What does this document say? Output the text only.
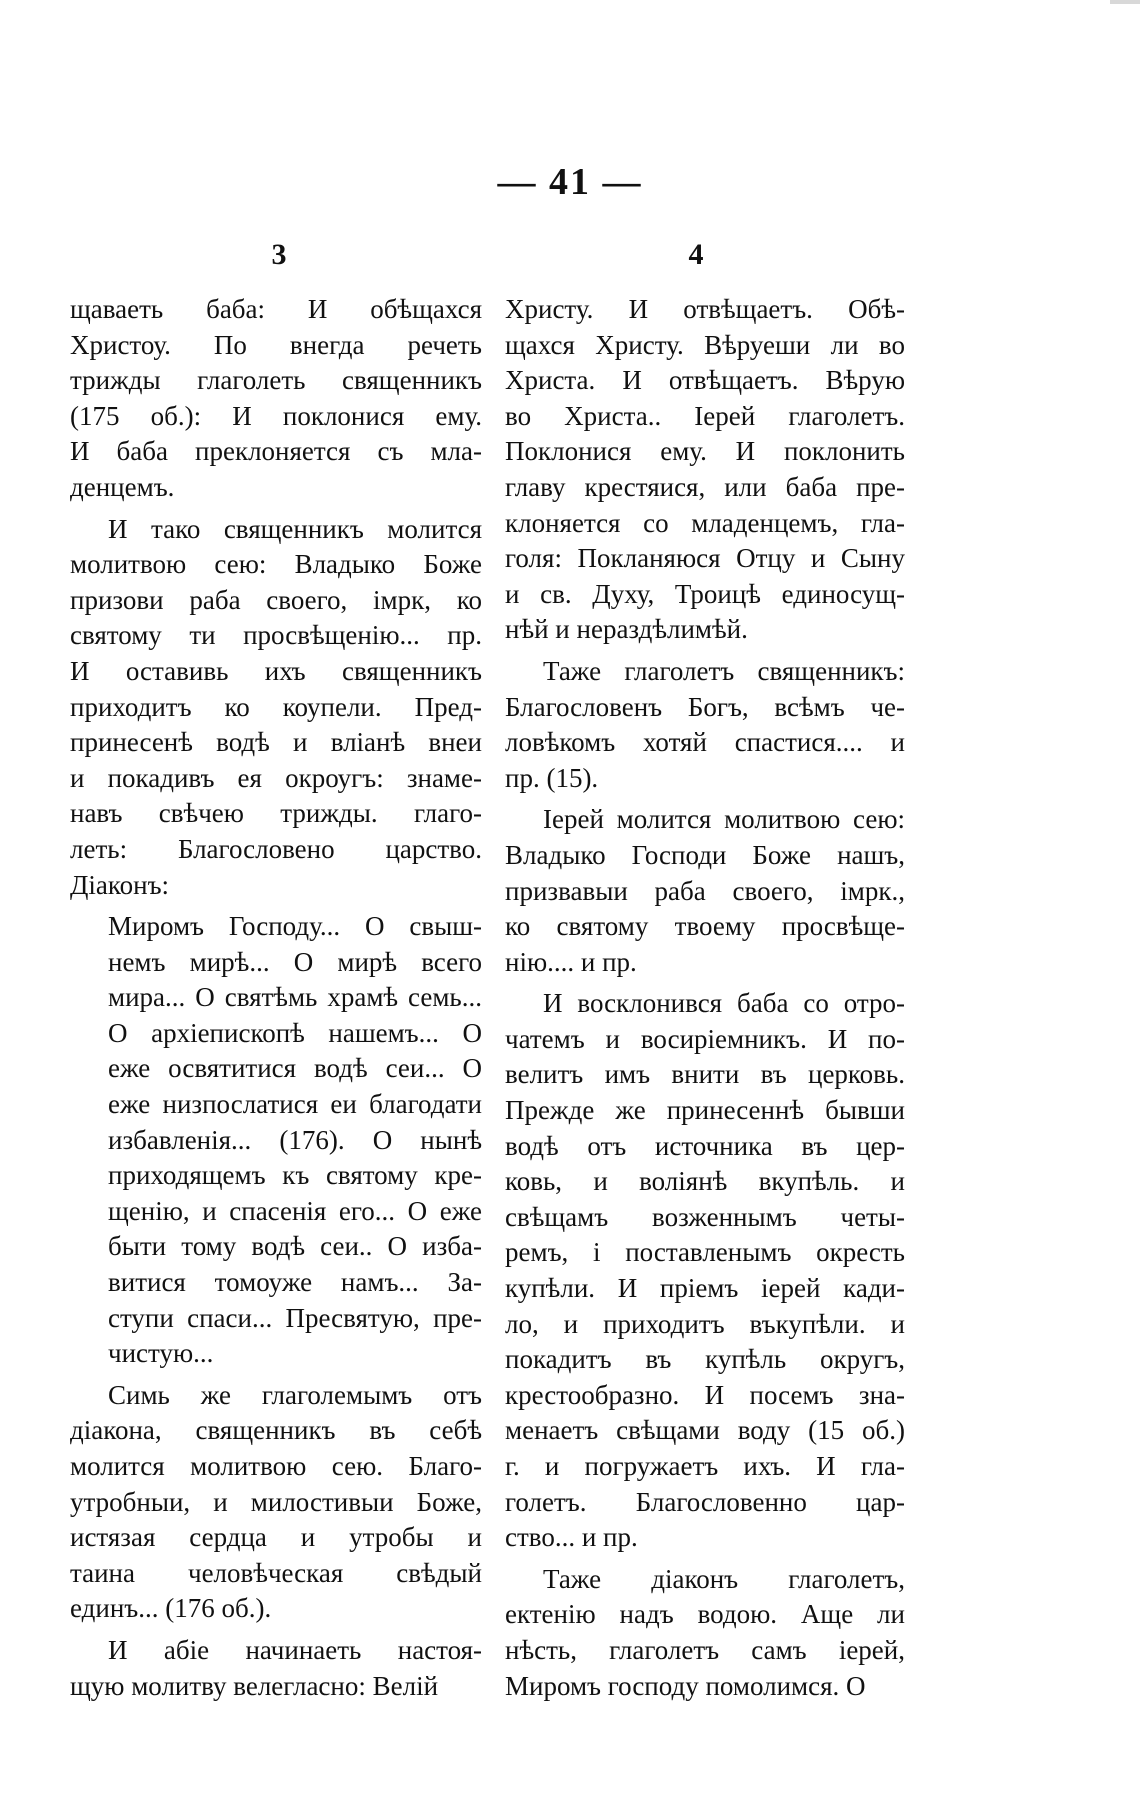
— 41 —
3	4
щаваеть баба: И обѣщахся
Христоу. По внегда речеть
трижды глаголеть священникъ
(175 об.): И поклонися ему.
И баба преклоняется съ мла-
денцемъ.
И тако священникъ молится
молитвою сею: Владыко Боже
призови раба своего, імрк, ко
святому ти просвѣщенію... пр.
И оставивь ихъ священникъ
приходитъ ко коупели. Пред-
принесенѣ водѣ и вліанѣ внеи
и покадивъ ея окроугъ: знаме-
навъ свѣчею трижды. глаго-
леть: Благословено царство.
Діаконъ:
Миромъ Господу... О свыш-
немъ мирѣ... О мирѣ всего
мира... О святѣмь храмѣ семь...
О архіепископѣ нашемъ... О
еже освятитися водѣ сеи... О
еже низпослатися еи благодати
избавленія... (176). О нынѣ
приходящемъ къ святому кре-
щенію, и спасенія его... О еже
быти тому водѣ сеи.. О изба-
витися томоуже намъ... За-
ступи спаси... Пресвятую, пре-
чистую...
Симь же глаголемымъ отъ
діакона, священникъ въ себѣ
молится молитвою сею. Благо-
утробныи, и милостивыи Боже,
истязая сердца и утробы и
таина человѣческая свѣдый
единъ... (176 об.).
И абіе начинаеть настоя-
щую молитву велегласно: Велій
Христу. И отвѣщаетъ. Обѣ-
щахся Христу. Вѣруеши ли во
Христа. И отвѣщаетъ. Вѣрую
во Христа.. Іерей глаголетъ.
Поклонися ему. И поклонить
главу крестяися, или баба пре-
клоняется со младенцемъ, гла-
голя: Покланяюся Отцу и Сыну
и св. Духу, Троицѣ единосущ-
нѣй и нераздѣлимѣй.
Таже глаголетъ священникъ:
Благословенъ Богъ, всѣмъ че-
ловѣкомъ хотяй спастися.... и
пр. (15).
Іерей молится молитвою сею:
Владыко Господи Боже нашъ,
призвавыи раба своего, імрк.,
ко святому твоему просвѣще-
нію.... и пр.
И восклонився баба со отро-
чатемъ и восиріемникъ. И по-
велитъ имъ внити въ церковь.
Прежде же принесеннѣ бывши
водѣ отъ источника въ цер-
ковь, и воліянѣ вкупѣль. и
свѣщамъ возженнымъ четы-
ремъ, і поставленымъ окресть
купѣли. И пріемъ іерей кади-
ло, и приходитъ въкупѣли. и
покадитъ въ купѣль округъ,
крестообразно. И посемъ зна-
менаетъ свѣщами воду (15 об.)
г. и погружаетъ ихъ. И гла-
голетъ. Благословенно цар-
ство... и пр.
Таже діаконъ глаголетъ,
ектенію надъ водою. Аще ли
нѣсть, глаголетъ самъ іерей,
Миромъ господу помолимся. О
